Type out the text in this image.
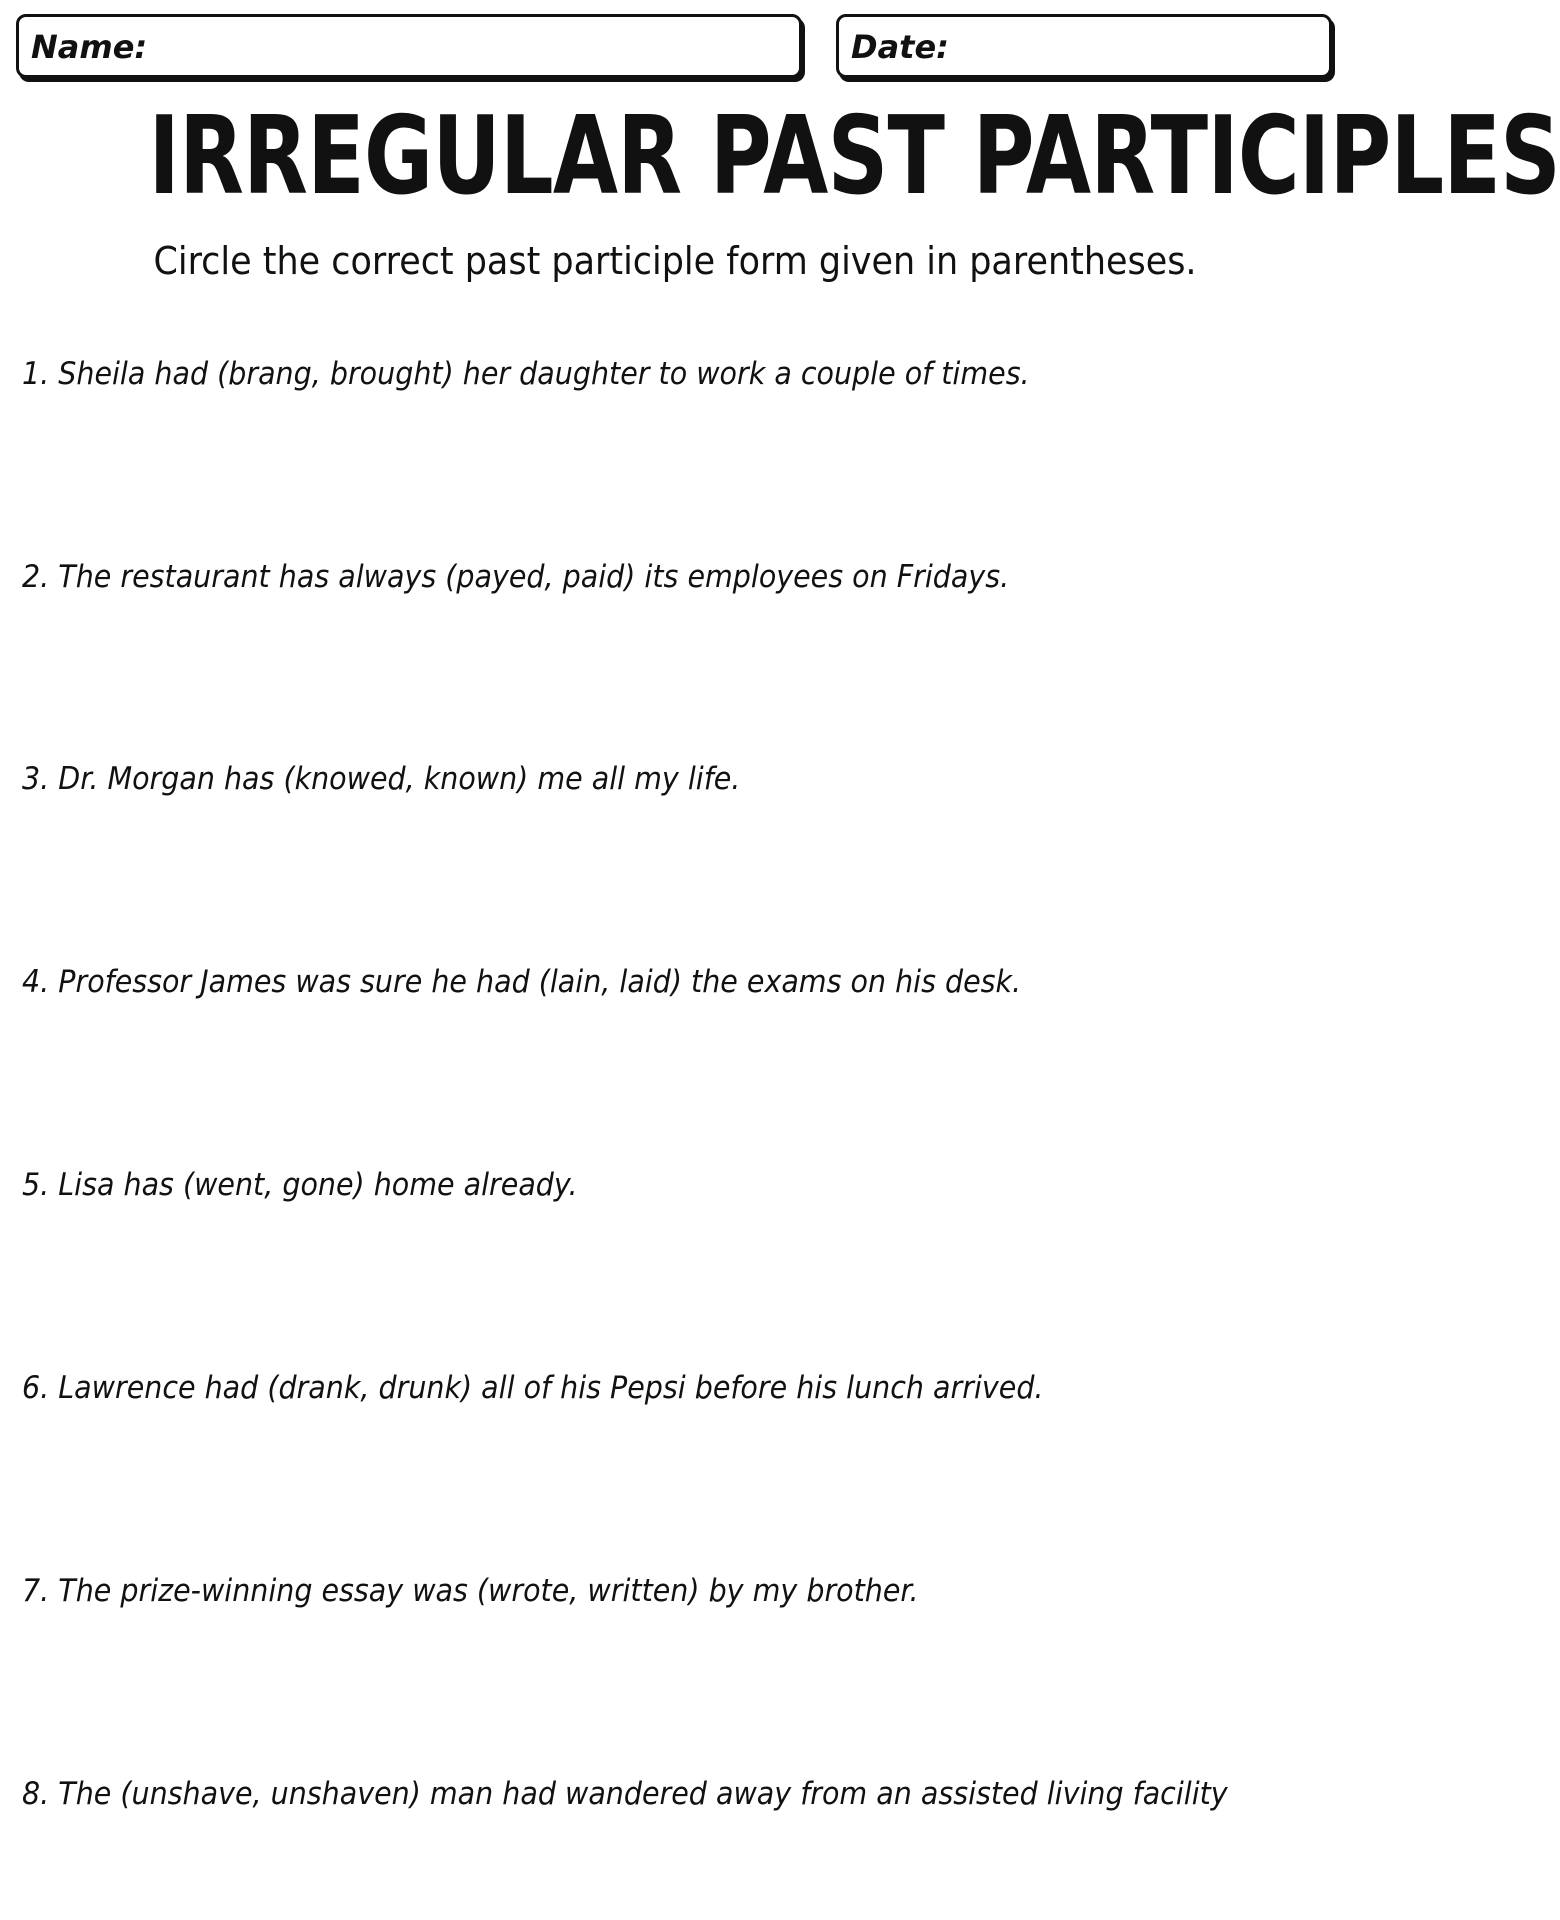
Name:	Date:
IRREGULAR PAST PARTICIPLES
Circle the correct past participle form given in parentheses.
1. Sheila had (brang, brought) her daughter to work a couple of times.
2. The restaurant has always (payed, paid) its employees on Fridays.
3. Dr. Morgan has (knowed, known) me all my life.
4. Professor James was sure he had (lain, laid) the exams on his desk.
5. Lisa has (went, gone) home already.
6. Lawrence had (drank, drunk) all of his Pepsi before his lunch arrived.
7. The prize-winning essay was (wrote, written) by my brother.
8. The (unshave, unshaven) man had wandered away from an assisted living facility
